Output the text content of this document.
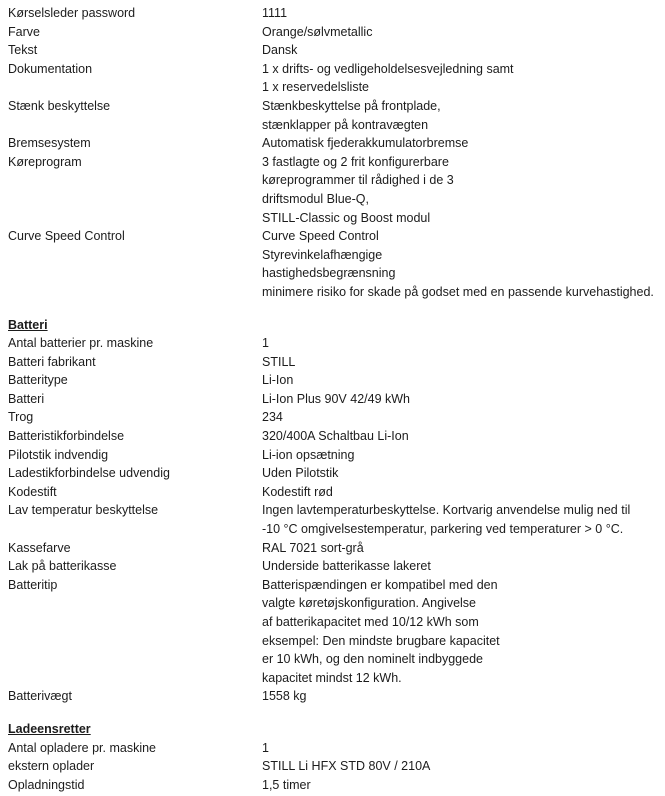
Kørselsleder password	1111
Farve	Orange/sølvmetallic
Tekst	Dansk
Dokumentation	1 x drifts- og vedligeholdelsesvejledning samt
1 x reservedelsliste
Stænk beskyttelse	Stænkbeskyttelse på frontplade,
stænklapper på kontravægten
Bremsesystem	Automatisk fjederakkumulatorbremse
Køreprogram	3 fastlagte og 2 frit konfigurerbare
køreprogrammer til rådighed i de 3
driftsmodul Blue-Q,
STILL-Classic og Boost modul
Curve Speed Control	Curve Speed Control
Styrevinkelafhængige
hastighedsbegrænsning
minimere risiko for skade på godset med en passende kurvehastighed.
Batteri
Antal batterier pr. maskine	1
Batteri fabrikant	STILL
Batteritype	Li-Ion
Batteri	Li-Ion Plus 90V 42/49 kWh
Trog	234
Batteristikforbindelse	320/400A Schaltbau Li-Ion
Pilotstik indvendig	Li-ion opsætning
Ladestikforbindelse udvendig	Uden Pilotstik
Kodestift	Kodestift rød
Lav temperatur beskyttelse	Ingen lavtemperaturbeskyttelse. Kortvarig anvendelse mulig ned til
-10 °C omgivelsestemperatur, parkering ved temperaturer > 0 °C.
Kassefarve	RAL 7021 sort-grå
Lak på batterikasse	Underside batterikasse lakeret
Batteritip	Batterispændingen er kompatibel med den
valgte køretøjskonfiguration. Angivelse
af batterikapacitet med 10/12 kWh som
eksempel: Den mindste brugbare kapacitet
er 10 kWh, og den nominelt indbyggede
kapacitet mindst 12 kWh.
Batterivægt	1558 kg
Ladeensretter
Antal opladere pr. maskine	1
ekstern oplader	STILL Li HFX STD 80V / 210A
Opladningstid	1,5 timer
